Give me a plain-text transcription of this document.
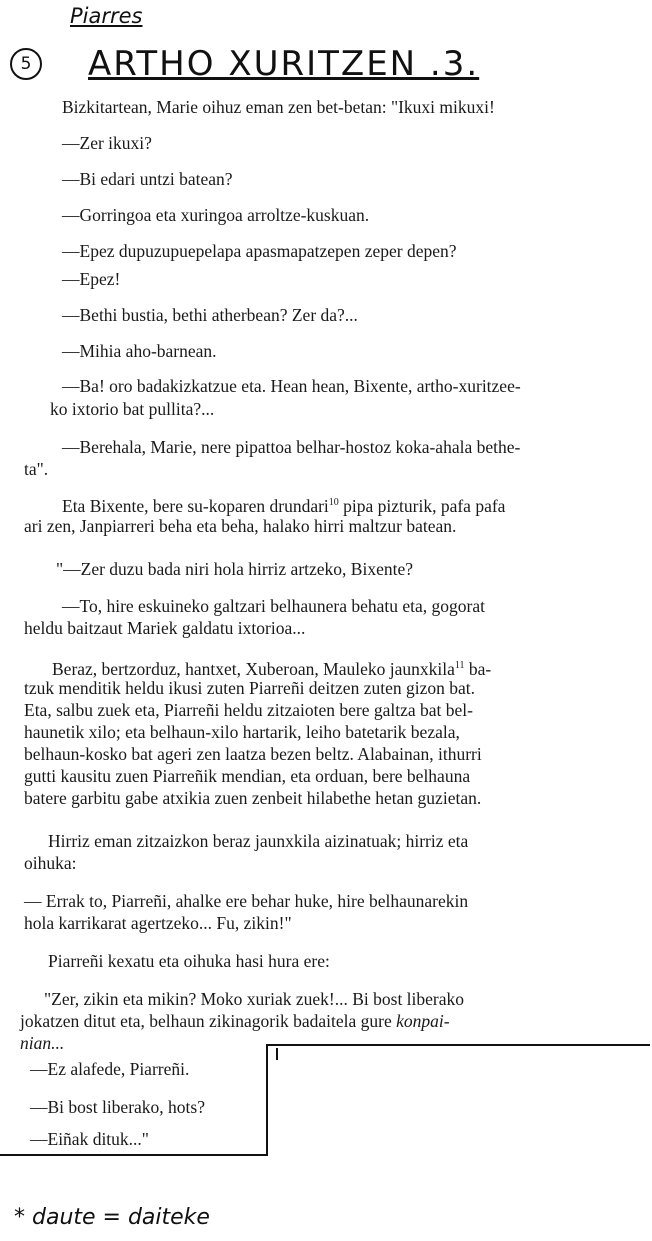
Piarres
5	ARTHO XURITZEN .3.
Bizkitartean, Marie oihuz eman zen bet-betan: "Ikuxi mikuxi!
—Zer ikuxi?
—Bi edari untzi batean?
—Gorringoa eta xuringoa arroltze-kuskuan.
—Epez dupuzupuepelapa apasmapatzepen zeper depen?
—Epez!
—Bethi bustia, bethi atherbean? Zer da?...
—Mihia aho-barnean.
—Ba! oro badakizkatzue eta. Hean hean, Bixente, artho-xuritzee-
ko ixtorio bat pullita?...
—Berehala, Marie, nere pipattoa belhar-hostoz koka-ahala bethe-
ta".
Eta Bixente, bere su-koparen drundari$^{10}$ pipa pizturik, pafa pafa
ari zen, Janpiarreri beha eta beha, halako hirri maltzur batean.
"—Zer duzu bada niri hola hirriz artzeko, Bixente?
—To, hire eskuineko galtzari belhaunera behatu eta, gogorat
heldu baitzaut Mariek galdatu ixtorioa...
Beraz, bertzorduz, hantxet, Xuberoan, Mauleko jaunxkila$^{11}$ ba-
tzuk menditik heldu ikusi zuten Piarreñi deitzen zuten gizon bat.
Eta, salbu zuek eta, Piarreñi heldu zitzaioten bere galtza bat bel-
haunetik xilo; eta belhaun-xilo hartarik, leiho batetarik bezala,
belhaun-kosko bat ageri zen laatza bezen beltz. Alabainan, ithurri
gutti kausitu zuen Piarreñik mendian, eta orduan, bere belhauna
batere garbitu gabe atxikia zuen zenbeit hilabethe hetan guzietan.
Hirriz eman zitzaizkon beraz jaunxkila aizinatuak; hirriz eta
oihuka:
— Errak to, Piarreñi, ahalke ere behar huke, hire belhaunarekin
hola karrikarat agertzeko... Fu, zikin!"
Piarreñi kexatu eta oihuka hasi hura ere:
"Zer, zikin eta mikin? Moko xuriak zuek!... Bi bost liberako
jokatzen ditut eta, belhaun zikinagorik badaitela gure konpai-
nian...
—Ez alafede, Piarreñi.
—Bi bost liberako, hots?
—Eiñak dituk..."
* daute = daiteke
